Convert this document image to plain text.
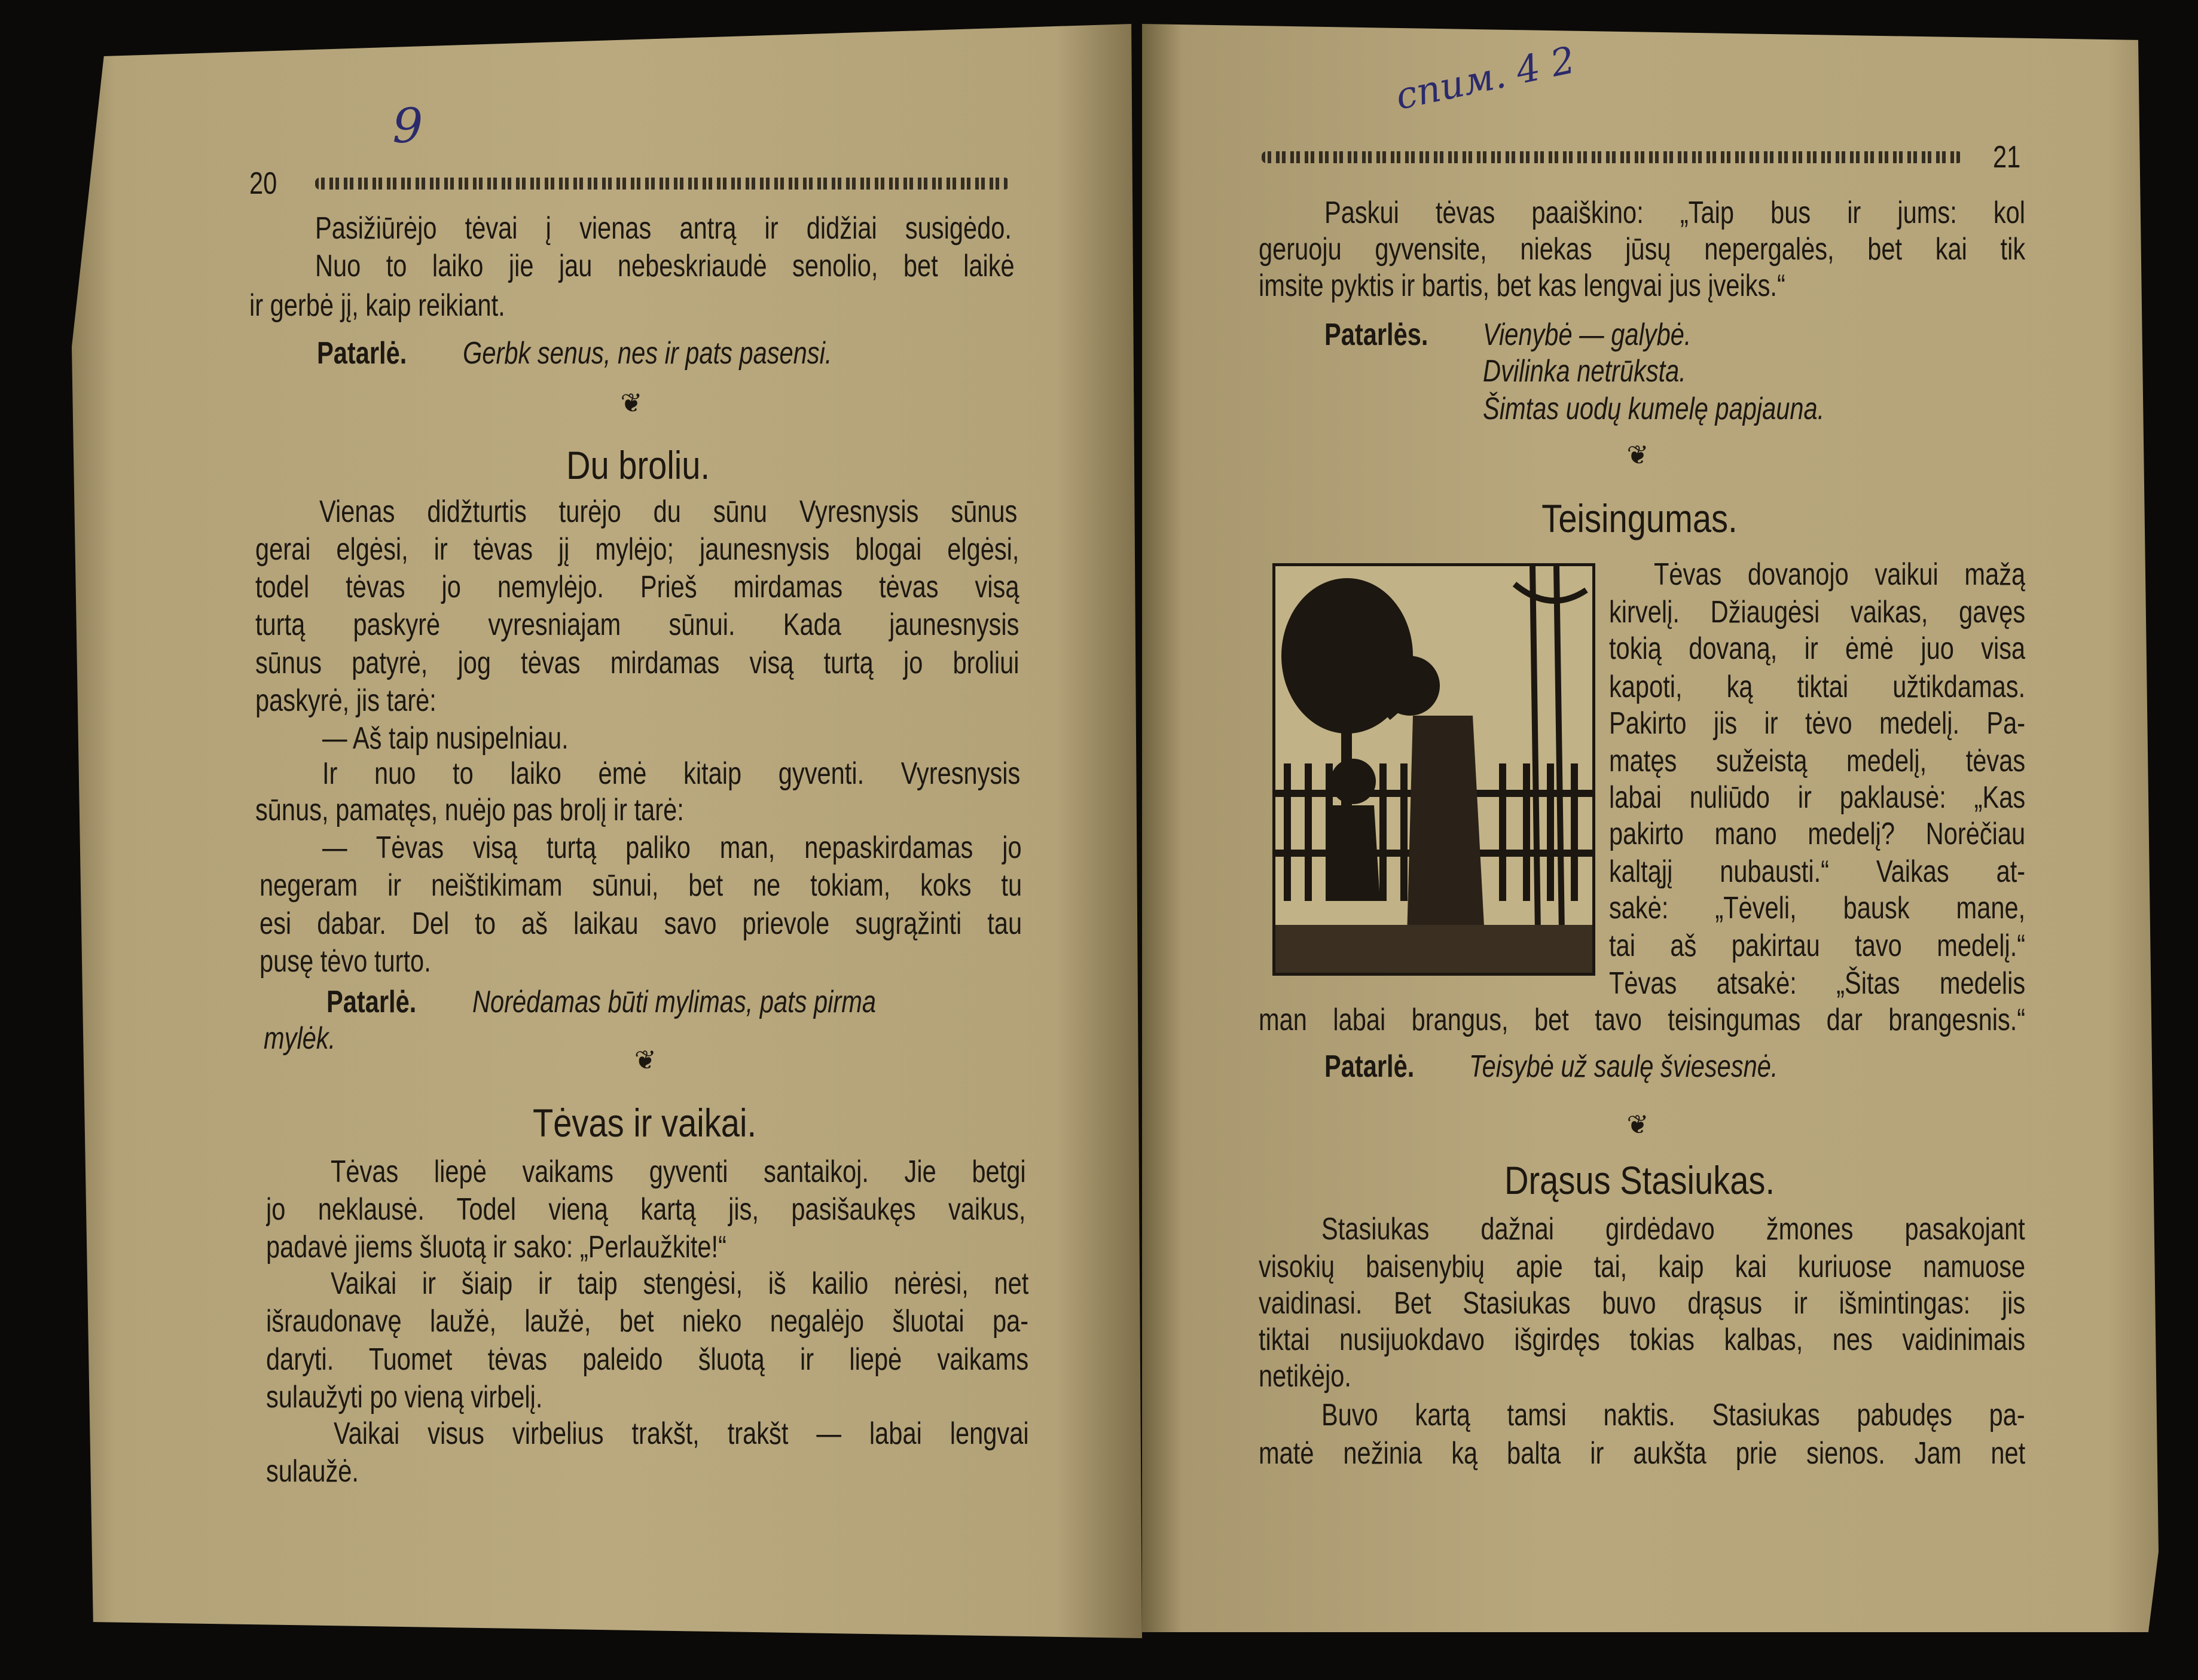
20
9
Pasižiūrėjo tėvai į vienas antrą ir didžiai susigėdo.
Nuo to laiko jie jau nebeskriaudė senolio, bet laikė
ir gerbė jį, kaip reikiant.
Patarlė. Gerbk senus, nes ir pats pasensi.
❦
Du broliu.
Vienas didžturtis turėjo du sūnu Vyresnysis sūnus
gerai elgėsi, ir tėvas jį mylėjo; jaunesnysis blogai elgėsi,
todel tėvas jo nemylėjo. Prieš mirdamas tėvas visą
turtą paskyrė vyresniajam sūnui. Kada jaunesnysis
sūnus patyrė, jog tėvas mirdamas visą turtą jo broliui
paskyrė, jis tarė:
— Aš taip nusipelniau.
Ir nuo to laiko ėmė kitaip gyventi. Vyresnysis
sūnus, pamatęs, nuėjo pas brolį ir tarė:
— Tėvas visą turtą paliko man, nepaskirdamas jo
negeram ir neištikimam sūnui, bet ne tokiam, koks tu
esi dabar. Del to aš laikau savo prievole sugrąžinti tau
pusę tėvo turto.
Patarlė. Norėdamas būti mylimas, pats pirma
mylėk.
❦
Tėvas ir vaikai.
Tėvas liepė vaikams gyventi santaikoj. Jie betgi
jo neklausė. Todel vieną kartą jis, pasišaukęs vaikus,
padavė jiems šluotą ir sako: „Perlaužkite!“
Vaikai ir šiaip ir taip stengėsi, iš kailio nėrėsi, net
išraudonavę laužė, laužė, bet nieko negalėjo šluotai pa-
daryti. Tuomet tėvas paleido šluotą ir liepė vaikams
sulaužyti po vieną virbelį.
Vaikai visus virbelius trakšt, trakšt — labai lengvai
sulaužė.
21
спим. 4 2
Paskui tėvas paaiškino: „Taip bus ir jums: kol
geruoju gyvensite, niekas jūsų nepergalės, bet kai tik
imsite pyktis ir bartis, bet kas lengvai jus įveiks.“
Patarlės. Vienybė — galybė.
Dvilinka netrūksta.
Šimtas uodų kumelę papjauna.
❦
Teisingumas.
Tėvas dovanojo vaikui mažą
kirvelį. Džiaugėsi vaikas, gavęs
tokią dovaną, ir ėmė juo visa
kapoti, ką tiktai užtikdamas.
Pakirto jis ir tėvo medelį. Pa-
matęs sužeistą medelį, tėvas
labai nuliūdo ir paklausė: „Kas
pakirto mano medelį? Norėčiau
kaltąjį nubausti.“ Vaikas at-
sakė: „Tėveli, bausk mane,
tai aš pakirtau tavo medelį.“
Tėvas atsakė: „Šitas medelis
man labai brangus, bet tavo teisingumas dar brangesnis.“
Patarlė. Teisybė už saulę šviesesnė.
❦
Drąsus Stasiukas.
Stasiukas dažnai girdėdavo žmones pasakojant
visokių baisenybių apie tai, kaip kai kuriuose namuose
vaidinasi. Bet Stasiukas buvo drąsus ir išmintingas: jis
tiktai nusijuokdavo išgirdęs tokias kalbas, nes vaidinimais
netikėjo.
Buvo kartą tamsi naktis. Stasiukas pabudęs pa-
matė nežinia ką balta ir aukšta prie sienos. Jam net
